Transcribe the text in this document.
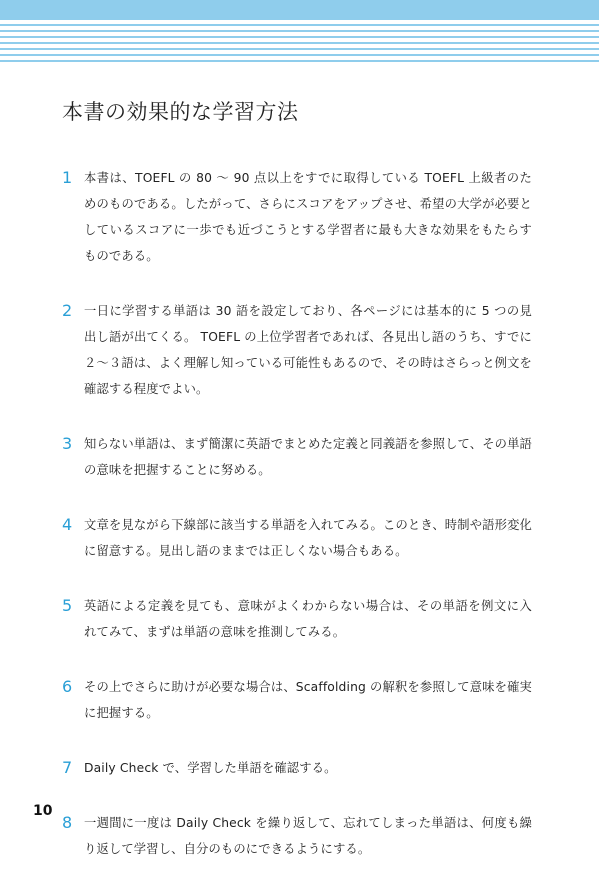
本書の効果的な学習方法
1 本書は、TOEFL の 80 ～ 90 点以上をすでに取得している TOEFL 上級者のためのものである。したがって、さらにスコアをアップさせ、希望の大学が必要としているスコアに一歩でも近づこうとする学習者に最も大きな効果をもたらすものである。
2 一日に学習する単語は 30 語を設定しており、各ページには基本的に 5 つの見出し語が出てくる。 TOEFL の上位学習者であれば、各見出し語のうち、すでに２～３語は、よく理解し知っている可能性もあるので、その時はさらっと例文を確認する程度でよい。
3 知らない単語は、まず簡潔に英語でまとめた定義と同義語を参照して、その単語の意味を把握することに努める。
4 文章を見ながら下線部に該当する単語を入れてみる。このとき、時制や語形変化に留意する。見出し語のままでは正しくない場合もある。
5 英語による定義を見ても、意味がよくわからない場合は、その単語を例文に入れてみて、まずは単語の意味を推測してみる。
6 その上でさらに助けが必要な場合は、Scaffolding の解釈を参照して意味を確実に把握する。
7 Daily Check で、学習した単語を確認する。
8 一週間に一度は Daily Check を繰り返して、忘れてしまった単語は、何度も繰り返して学習し、自分のものにできるようにする。
10
